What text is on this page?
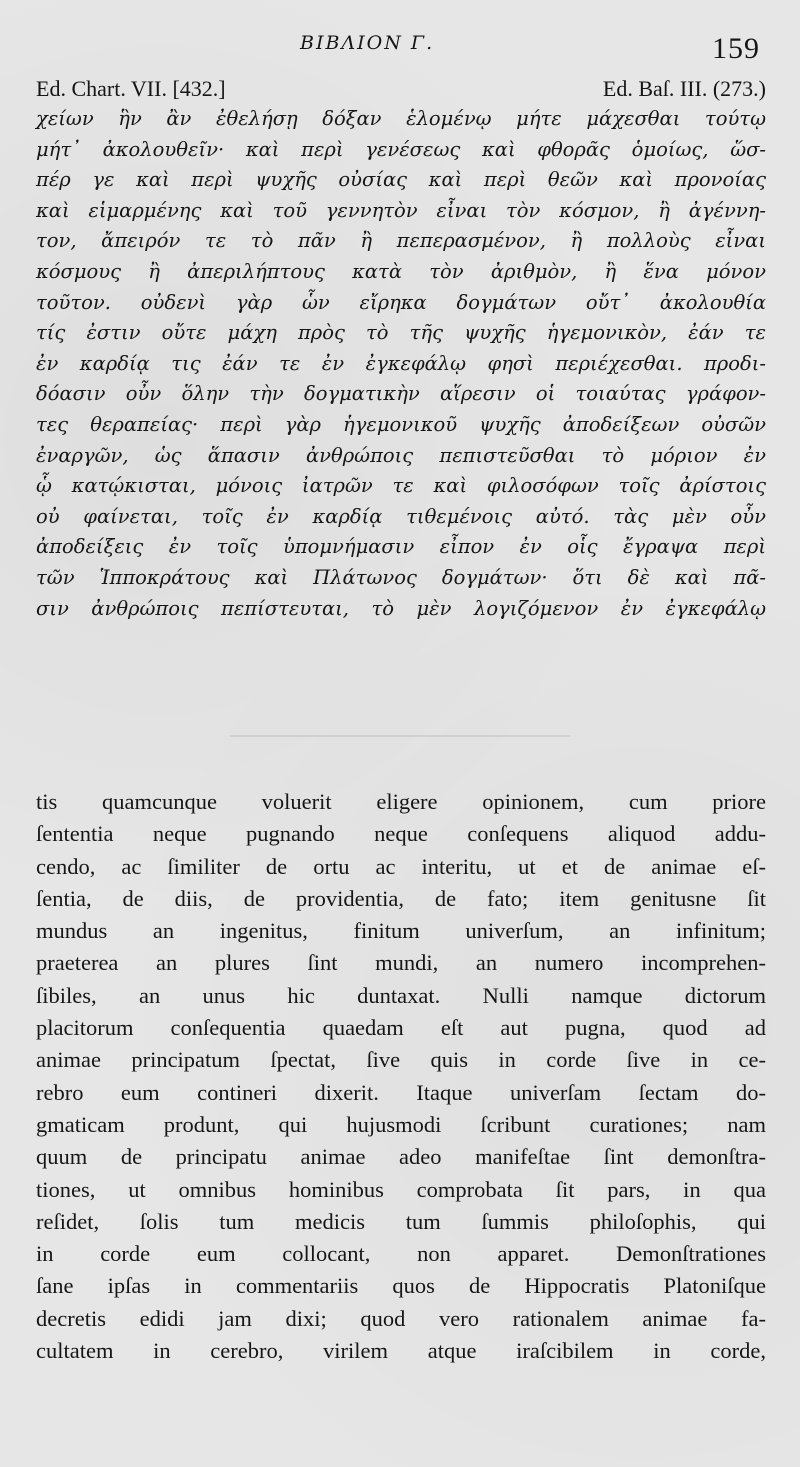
ΒΙΒΛΙΟΝ Γ.	159
Ed. Chart. VII. [432.]	Ed. Baſ. III. (273.)
χείων ἣν ἂν ἐθελήσῃ δόξαν ἑλομένῳ μήτε μάχεσθαι τούτῳ
μήτ᾽ ἀκολουθεῖν· καὶ περὶ γενέσεως καὶ φθορᾶς ὁμοίως, ὥσ-
πέρ γε καὶ περὶ ψυχῆς οὐσίας καὶ περὶ θεῶν καὶ προνοίας
καὶ εἱμαρμένης καὶ τοῦ γεννητὸν εἶναι τὸν κόσμον, ἢ ἀγέννη-
τον, ἄπειρόν τε τὸ πᾶν ἢ πεπερασμένον, ἢ πολλοὺς εἶναι
κόσμους ἢ ἀπεριλήπτους κατὰ τὸν ἀριθμὸν, ἢ ἕνα μόνον
τοῦτον. οὐδενὶ γὰρ ὧν εἴρηκα δογμάτων οὔτ᾽ ἀκολουθία
τίς ἐστιν οὔτε μάχη πρὸς τὸ τῆς ψυχῆς ἡγεμονικὸν, ἐάν τε
ἐν καρδίᾳ τις ἐάν τε ἐν ἐγκεφάλῳ φησὶ περιέχεσθαι. προδι-
δόασιν οὖν ὅλην τὴν δογματικὴν αἵρεσιν οἱ τοιαύτας γράφον-
τες θεραπείας· περὶ γὰρ ἡγεμονικοῦ ψυχῆς ἀποδείξεων οὐσῶν
ἐναργῶν, ὡς ἅπασιν ἀνθρώποις πεπιστεῦσθαι τὸ μόριον ἐν
ᾧ κατῴκισται, μόνοις ἰατρῶν τε καὶ φιλοσόφων τοῖς ἀρίστοις
οὐ φαίνεται, τοῖς ἐν καρδίᾳ τιθεμένοις αὐτό. τὰς μὲν οὖν
ἀποδείξεις ἐν τοῖς ὑπομνήμασιν εἶπον ἐν οἷς ἔγραψα περὶ
τῶν Ἱπποκράτους καὶ Πλάτωνος δογμάτων· ὅτι δὲ καὶ πᾶ-
σιν ἀνθρώποις πεπίστευται, τὸ μὲν λογιζόμενον ἐν ἐγκεφάλῳ
tis quamcunque voluerit eligere opinionem, cum priore
ſententia neque pugnando neque conſequens aliquod addu-
cendo, ac ſimiliter de ortu ac interitu, ut et de animae eſ-
ſentia, de diis, de providentia, de fato; item genitusne ſit
mundus an ingenitus, finitum univerſum, an infinitum;
praeterea an plures ſint mundi, an numero incomprehen-
ſibiles, an unus hic duntaxat. Nulli namque dictorum
placitorum conſequentia quaedam eſt aut pugna, quod ad
animae principatum ſpectat, ſive quis in corde ſive in ce-
rebro eum contineri dixerit. Itaque univerſam ſectam do-
gmaticam produnt, qui hujusmodi ſcribunt curationes; nam
quum de principatu animae adeo manifeſtae ſint demonſtra-
tiones, ut omnibus hominibus comprobata ſit pars, in qua
reſidet, ſolis tum medicis tum ſummis philoſophis, qui
in corde eum collocant, non apparet. Demonſtrationes
ſane ipſas in commentariis quos de Hippocratis Platoniſque
decretis edidi jam dixi; quod vero rationalem animae fa-
cultatem in cerebro, virilem atque iraſcibilem in corde,
